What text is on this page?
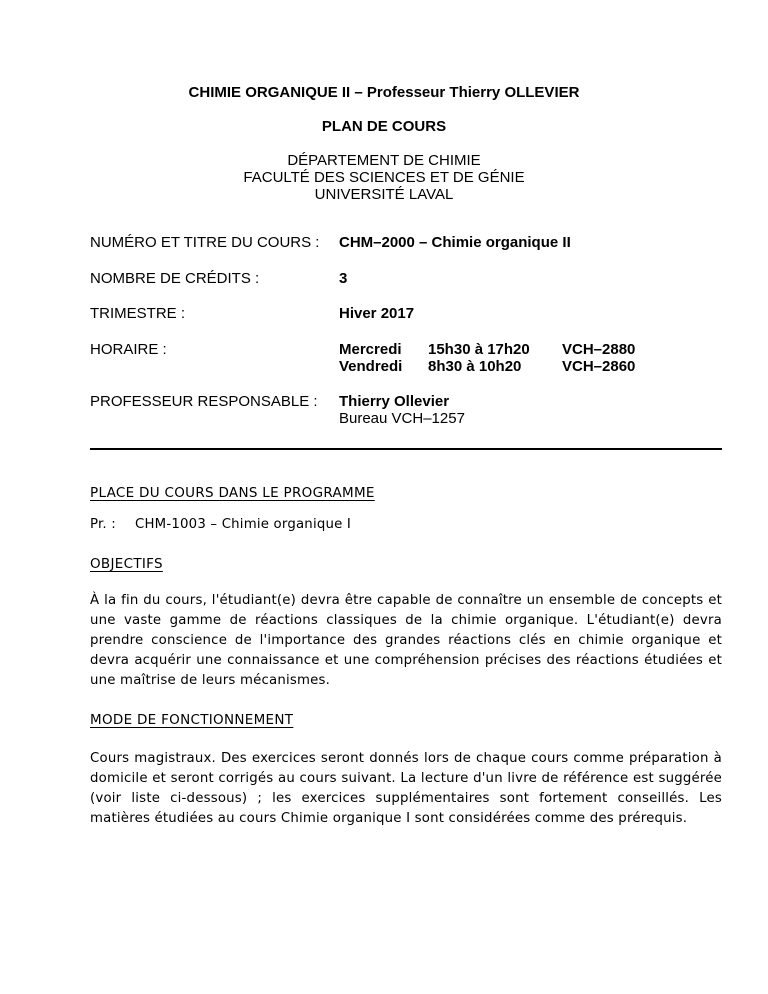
CHIMIE ORGANIQUE II – Professeur Thierry OLLEVIER
PLAN DE COURS
DÉPARTEMENT DE CHIMIE
FACULTÉ DES SCIENCES ET DE GÉNIE
UNIVERSITÉ LAVAL
NUMÉRO ET TITRE DU COURS : CHM–2000 – Chimie organique II
NOMBRE DE CRÉDITS :	3
TRIMESTRE :	Hiver 2017
HORAIRE :	Mercredi 15h30 à 17h20 VCH–2880
Vendredi 8h30 à 10h20	VCH–2860
PROFESSEUR RESPONSABLE : Thierry Ollevier
Bureau VCH–1257
PLACE DU COURS DANS LE PROGRAMME
Pr. :	CHM-1003 – Chimie organique I
OBJECTIFS
À la fin du cours, l'étudiant(e) devra être capable de connaître un ensemble de concepts et une vaste gamme de réactions classiques de la chimie organique. L'étudiant(e) devra prendre conscience de l'importance des grandes réactions clés en chimie organique et devra acquérir une connaissance et une compréhension précises des réactions étudiées et une maîtrise de leurs mécanismes.
MODE DE FONCTIONNEMENT
Cours magistraux. Des exercices seront donnés lors de chaque cours comme préparation à domicile et seront corrigés au cours suivant. La lecture d'un livre de référence est suggérée (voir liste ci-dessous) ; les exercices supplémentaires sont fortement conseillés. Les matières étudiées au cours Chimie organique I sont considérées comme des prérequis.
